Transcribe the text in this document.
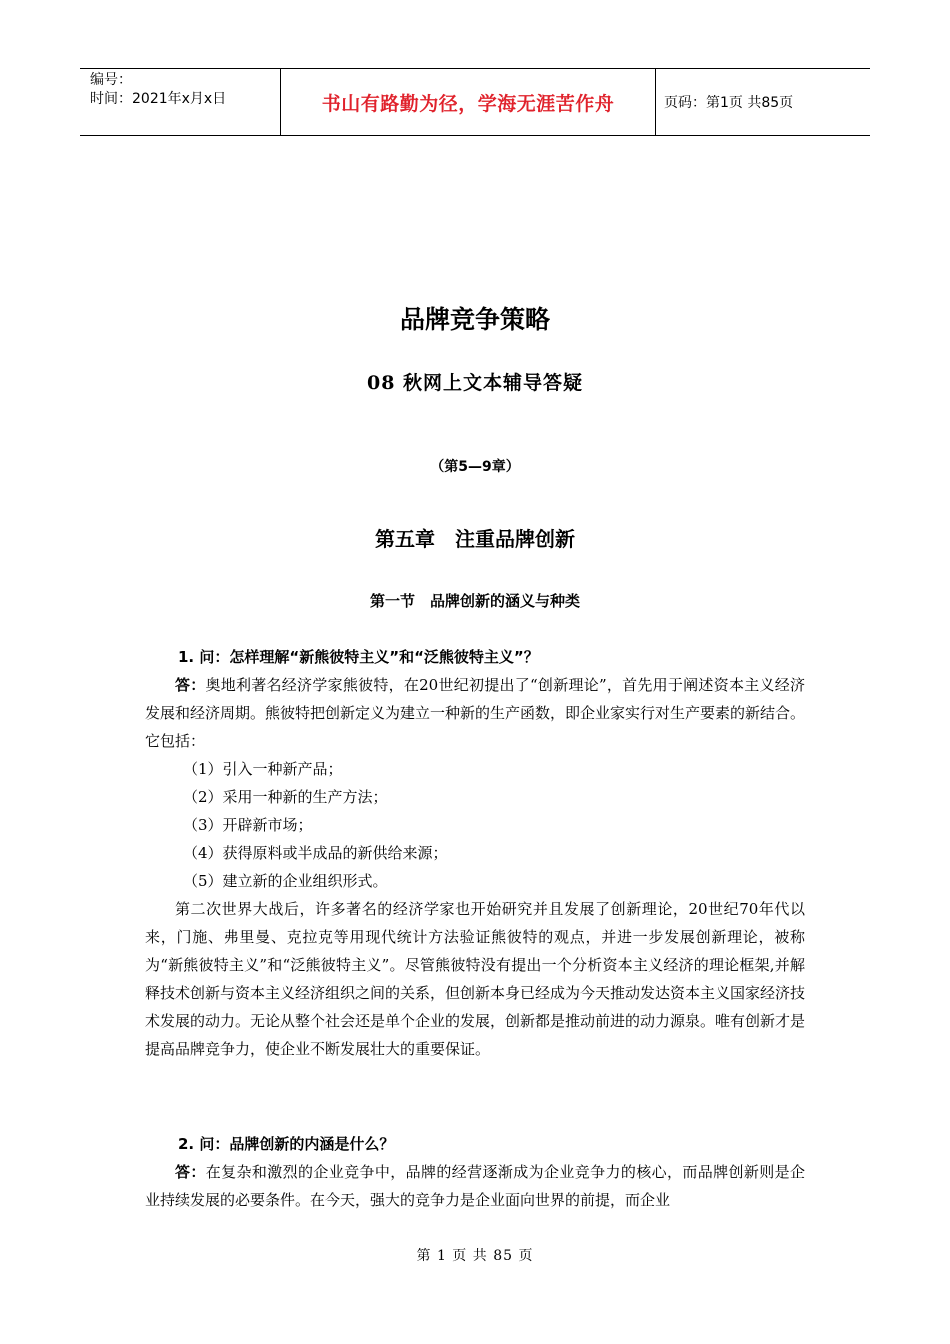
编号：
时间：2021年x月x日	书山有路勤为径，学海无涯苦作舟	页码：第1页 共85页
品牌竞争策略
08 秋网上文本辅导答疑
（第5—9章）
第五章　注重品牌创新
第一节　品牌创新的涵义与种类
1. 问：怎样理解“新熊彼特主义”和“泛熊彼特主义”？
答：奥地利著名经济学家熊彼特，在20世纪初提出了“创新理论”，首先用于阐述资本主义经济发展和经济周期。熊彼特把创新定义为建立一种新的生产函数，即企业家实行对生产要素的新结合。它包括：
（1）引入一种新产品；
（2）采用一种新的生产方法；
（3）开辟新市场；
（4）获得原料或半成品的新供给来源；
（5）建立新的企业组织形式。
第二次世界大战后，许多著名的经济学家也开始研究并且发展了创新理论，20世纪70年代以来，门施、弗里曼、克拉克等用现代统计方法验证熊彼特的观点，并进一步发展创新理论，被称为“新熊彼特主义”和“泛熊彼特主义”。尽管熊彼特没有提出一个分析资本主义经济的理论框架,并解释技术创新与资本主义经济组织之间的关系，但创新本身已经成为今天推动发达资本主义国家经济技术发展的动力。无论从整个社会还是单个企业的发展，创新都是推动前进的动力源泉。唯有创新才是提高品牌竞争力，使企业不断发展壮大的重要保证。
2. 问：品牌创新的内涵是什么？
答：在复杂和激烈的企业竞争中，品牌的经营逐渐成为企业竞争力的核心，而品牌创新则是企业持续发展的必要条件。在今天，强大的竞争力是企业面向世界的前提，而企业
第 1 页 共 85 页
